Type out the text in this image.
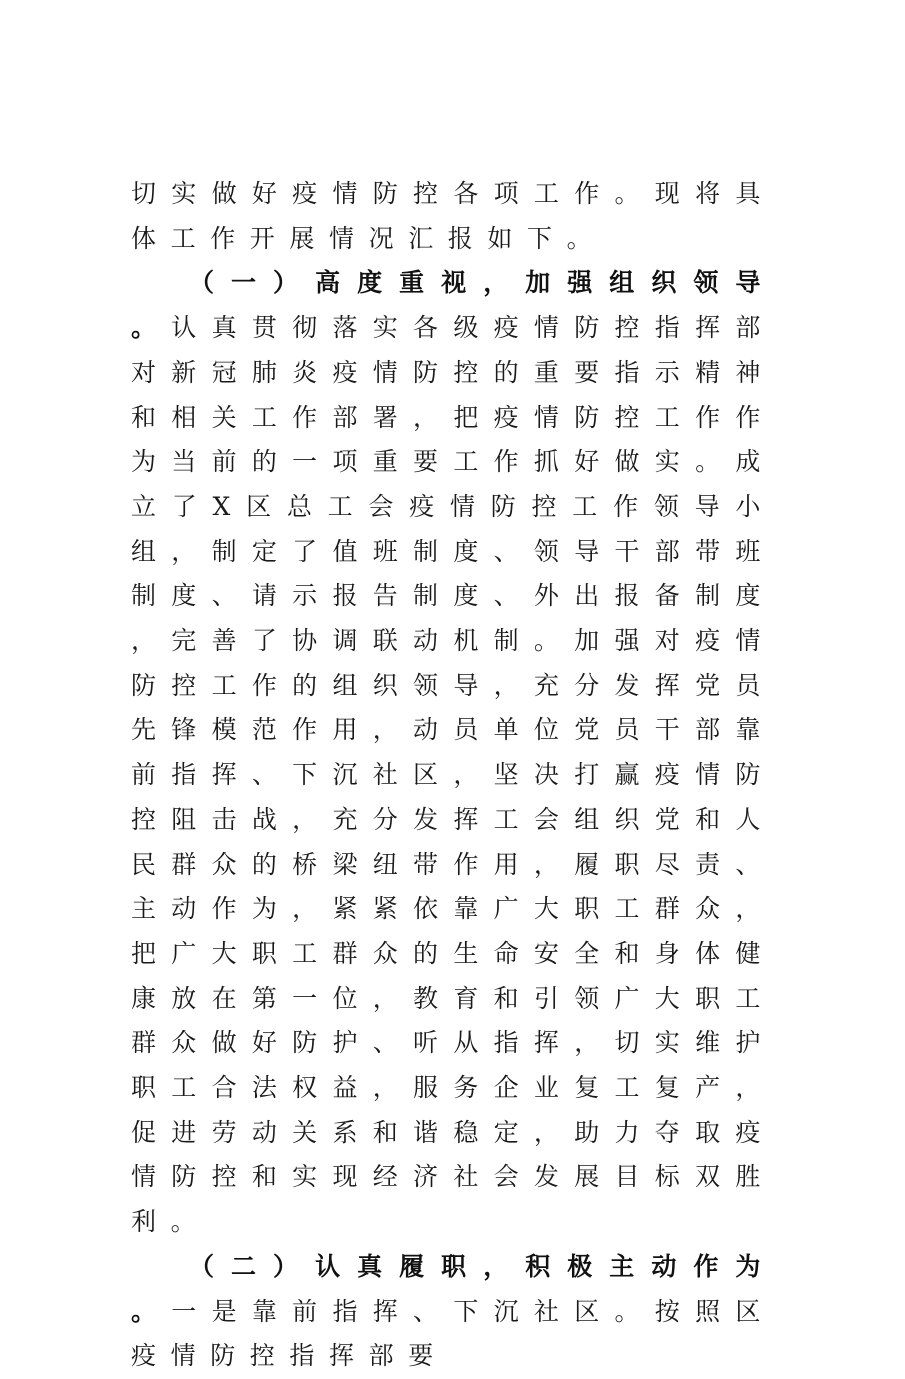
切实做好疫情防控各项工作。现将具体工作开展情况汇报如下。

（一）高度重视，加强组织领导。认真贯彻落实各级疫情防控指挥部对新冠肺炎疫情防控的重要指示精神和相关工作部署，把疫情防控工作作为当前的一项重要工作抓好做实。成立了X区总工会疫情防控工作领导小组，制定了值班制度、领导干部带班制度、请示报告制度、外出报备制度，完善了协调联动机制。加强对疫情防控工作的组织领导，充分发挥党员先锋模范作用，动员单位党员干部靠前指挥、下沉社区，坚决打赢疫情防控阻击战，充分发挥工会组织党和人民群众的桥梁纽带作用，履职尽责、主动作为，紧紧依靠广大职工群众，把广大职工群众的生命安全和身体健康放在第一位，教育和引领广大职工群众做好防护、听从指挥，切实维护职工合法权益，服务企业复工复产，促进劳动关系和谐稳定，助力夺取疫情防控和实现经济社会发展目标双胜利。

（二）认真履职，积极主动作为。一是靠前指挥、下沉社区。按照区疫情防控指挥部要
